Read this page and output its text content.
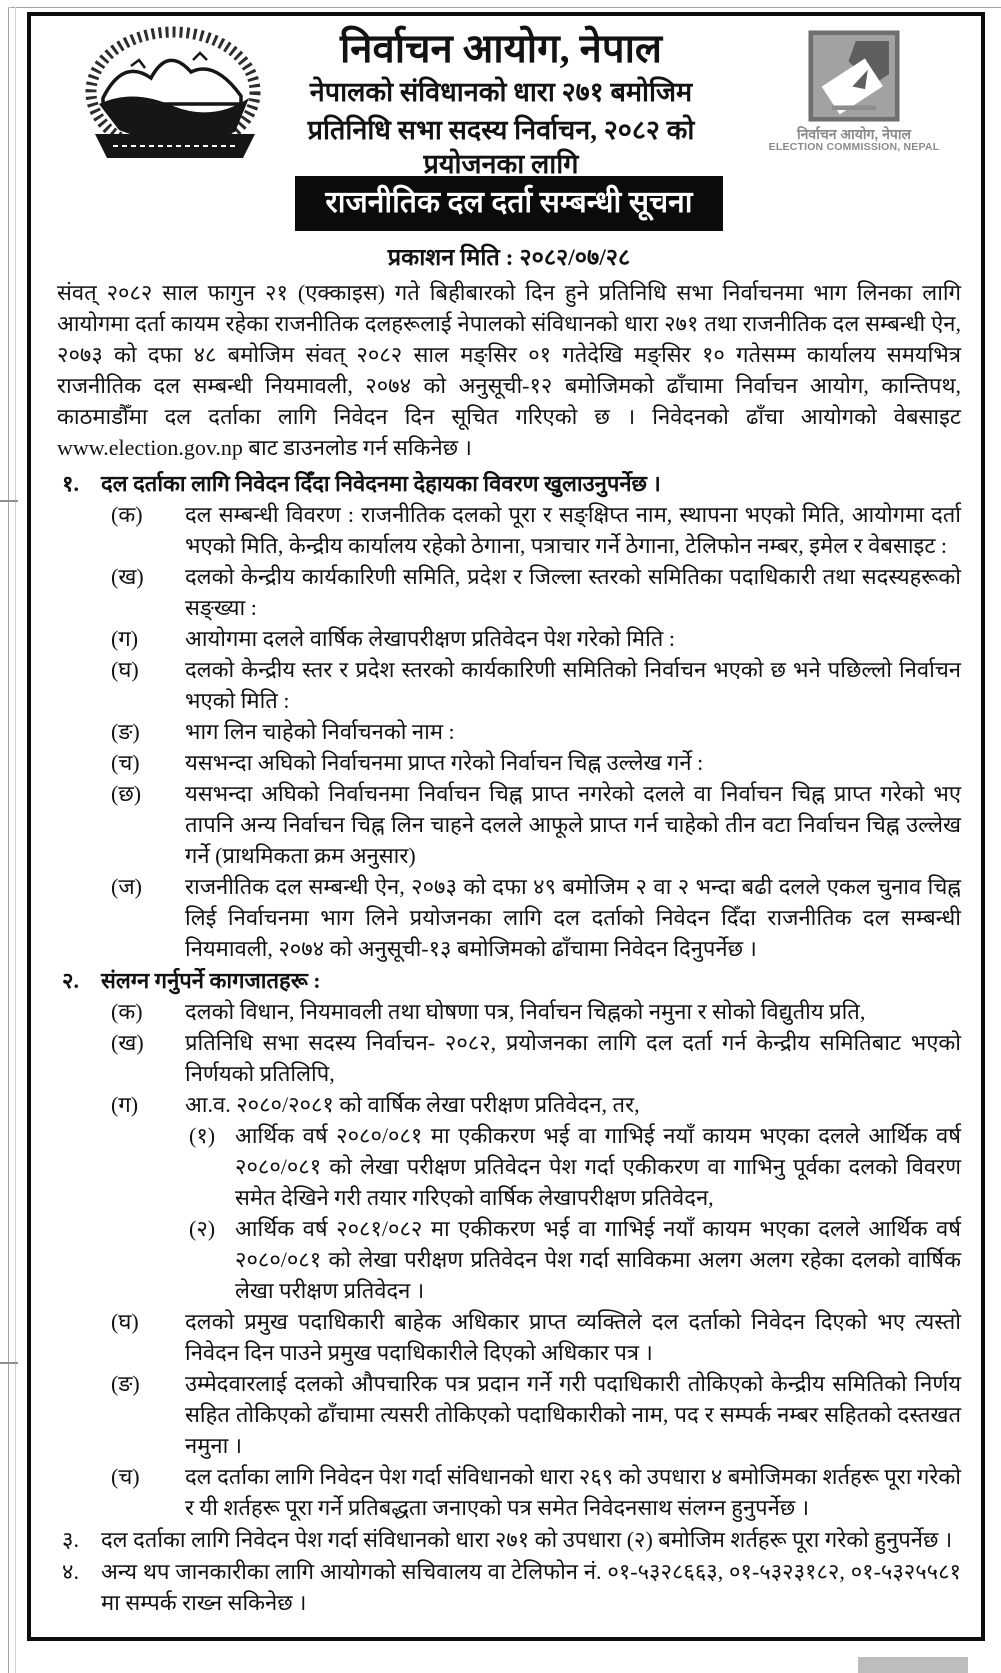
निर्वाचन आयोग, नेपाल
नेपालको संविधानको धारा २७१ बमोजिम
प्रतिनिधि सभा सदस्य निर्वाचन, २०८२ को प्रयोजनका लागि
निर्वाचन आयोग, नेपाल
ELECTION COMMISSION, NEPAL
राजनीतिक दल दर्ता सम्बन्धी सूचना
प्रकाशन मिति : २०८२/०७/२८

संवत् २०८२ साल फागुन २१ (एक्काइस) गते बिहीबारको दिन हुने प्रतिनिधि सभा निर्वाचनमा भाग लिनका लागि आयोगमा दर्ता कायम रहेका राजनीतिक दलहरूलाई नेपालको संविधानको धारा २७१ तथा राजनीतिक दल सम्बन्धी ऐन, २०७३ को दफा ४८ बमोजिम संवत् २०८२ साल मङ्सिर ०१ गतेदेखि मङ्सिर १० गतेसम्म कार्यालय समयभित्र राजनीतिक दल सम्बन्धी नियमावली, २०७४ को अनुसूची-१२ बमोजिमको ढाँचामा निर्वाचन आयोग, कान्तिपथ, काठमाडौँमा दल दर्ताका लागि निवेदन दिन सूचित गरिएको छ । निवेदनको ढाँचा आयोगको वेबसाइट www.election.gov.np बाट डाउनलोड गर्न सकिनेछ ।

१.	दल दर्ताका लागि निवेदन दिँदा निवेदनमा देहायका विवरण खुलाउनुपर्नेछ ।
(क)	दल सम्बन्धी विवरण : राजनीतिक दलको पूरा र सङ्क्षिप्त नाम, स्थापना भएको मिति, आयोगमा दर्ता भएको मिति, केन्द्रीय कार्यालय रहेको ठेगाना, पत्राचार गर्ने ठेगाना, टेलिफोन नम्बर, इमेल र वेबसाइट :
(ख)	दलको केन्द्रीय कार्यकारिणी समिति, प्रदेश र जिल्ला स्तरको समितिका पदाधिकारी तथा सदस्यहरूको सङ्ख्या :
(ग)	आयोगमा दलले वार्षिक लेखापरीक्षण प्रतिवेदन पेश गरेको मिति :
(घ)	दलको केन्द्रीय स्तर र प्रदेश स्तरको कार्यकारिणी समितिको निर्वाचन भएको छ भने पछिल्लो निर्वाचन भएको मिति :
(ङ)	भाग लिन चाहेको निर्वाचनको नाम :
(च)	यसभन्दा अघिको निर्वाचनमा प्राप्त गरेको निर्वाचन चिह्न उल्लेख गर्ने :
(छ)	यसभन्दा अघिको निर्वाचनमा निर्वाचन चिह्न प्राप्त नगरेको दलले वा निर्वाचन चिह्न प्राप्त गरेको भए तापनि अन्य निर्वाचन चिह्न लिन चाहने दलले आफूले प्राप्त गर्न चाहेको तीन वटा निर्वाचन चिह्न उल्लेख गर्ने (प्राथमिकता क्रम अनुसार)
(ज)	राजनीतिक दल सम्बन्धी ऐन, २०७३ को दफा ४९ बमोजिम २ वा २ भन्दा बढी दलले एकल चुनाव चिह्न लिई निर्वाचनमा भाग लिने प्रयोजनका लागि दल दर्ताको निवेदन दिँदा राजनीतिक दल सम्बन्धी नियमावली, २०७४ को अनुसूची-१३ बमोजिमको ढाँचामा निवेदन दिनुपर्नेछ ।
२.	संलग्न गर्नुपर्ने कागजातहरू :
(क)	दलको विधान, नियमावली तथा घोषणा पत्र, निर्वाचन चिह्नको नमुना र सोको विद्युतीय प्रति,
(ख)	प्रतिनिधि सभा सदस्य निर्वाचन- २०८२, प्रयोजनका लागि दल दर्ता गर्न केन्द्रीय समितिबाट भएको निर्णयको प्रतिलिपि,
(ग)	आ.व. २०८०/२०८१ को वार्षिक लेखा परीक्षण प्रतिवेदन, तर,
(१) आर्थिक वर्ष २०८०/०८१ मा एकीकरण भई वा गाभिई नयाँ कायम भएका दलले आर्थिक वर्ष २०८०/०८१ को लेखा परीक्षण प्रतिवेदन पेश गर्दा एकीकरण वा गाभिनु पूर्वका दलको विवरण समेत देखिने गरी तयार गरिएको वार्षिक लेखापरीक्षण प्रतिवेदन,
(२) आर्थिक वर्ष २०८१/०८२ मा एकीकरण भई वा गाभिई नयाँ कायम भएका दलले आर्थिक वर्ष २०८०/०८१ को लेखा परीक्षण प्रतिवेदन पेश गर्दा साविकमा अलग अलग रहेका दलको वार्षिक लेखा परीक्षण प्रतिवेदन ।
(घ)	दलको प्रमुख पदाधिकारी बाहेक अधिकार प्राप्त व्यक्तिले दल दर्ताको निवेदन दिएको भए त्यस्तो निवेदन दिन पाउने प्रमुख पदाधिकारीले दिएको अधिकार पत्र ।
(ङ)	उम्मेदवारलाई दलको औपचारिक पत्र प्रदान गर्ने गरी पदाधिकारी तोकिएको केन्द्रीय समितिको निर्णय सहित तोकिएको ढाँचामा त्यसरी तोकिएको पदाधिकारीको नाम, पद र सम्पर्क नम्बर सहितको दस्तखत नमुना ।
(च)	दल दर्ताका लागि निवेदन पेश गर्दा संविधानको धारा २६९ को उपधारा ४ बमोजिमका शर्तहरू पूरा गरेको र यी शर्तहरू पूरा गर्ने प्रतिबद्धता जनाएको पत्र समेत निवेदनसाथ संलग्न हुनुपर्नेछ ।
३.	दल दर्ताका लागि निवेदन पेश गर्दा संविधानको धारा २७१ को उपधारा (२) बमोजिम शर्तहरू पूरा गरेको हुनुपर्नेछ ।
४.	अन्य थप जानकारीका लागि आयोगको सचिवालय वा टेलिफोन नं. ०१-५३२८६६३, ०१-५३२३१८२, ०१-५३२५५८१ मा सम्पर्क राख्न सकिनेछ ।
